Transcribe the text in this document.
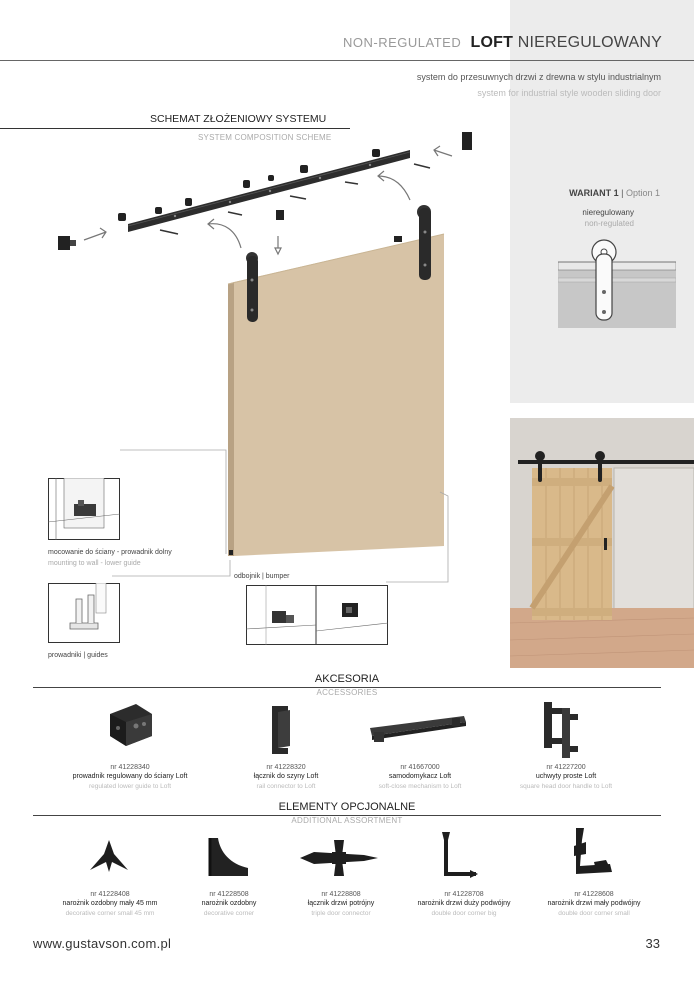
NON-REGULATED LOFT NIEREGULOWANY
system do przesuwnych drzwi z drewna w stylu industrialnym
system for industrial style wooden sliding door
SCHEMAT ZŁOŻENIOWY SYSTEMU
SYSTEM COMPOSITION SCHEME
mocowanie do ściany - prowadnik dolny
mounting to wall - lower guide
prowadniki | guides
odbojnik | bumper
WARIANT 1 | Option 1
nieregulowany
non-regulated
AKCESORIA
ACCESSORIES
nr 41228340
prowadnik regulowany do ściany Loft
regulated lower guide to Loft
nr 41228320
łącznik do szyny Loft
rail connector to Loft
nr 41667000
samodomykacz Loft
soft-close mechanism to Loft
nr 41227200
uchwyty proste Loft
square head door handle to Loft
ELEMENTY OPCJONALNE
ADDITIONAL ASSORTMENT
nr 41228408
narożnik ozdobny mały 45 mm
decorative corner small 45 mm
nr 41228508
narożnik ozdobny
decorative corner
nr 41228808
łącznik drzwi potrójny
triple door connector
nr 41228708
narożnik drzwi duży podwójny
double door corner big
nr 41228608
narożnik drzwi mały podwójny
double door corner small
www.gustavson.com.pl	33
